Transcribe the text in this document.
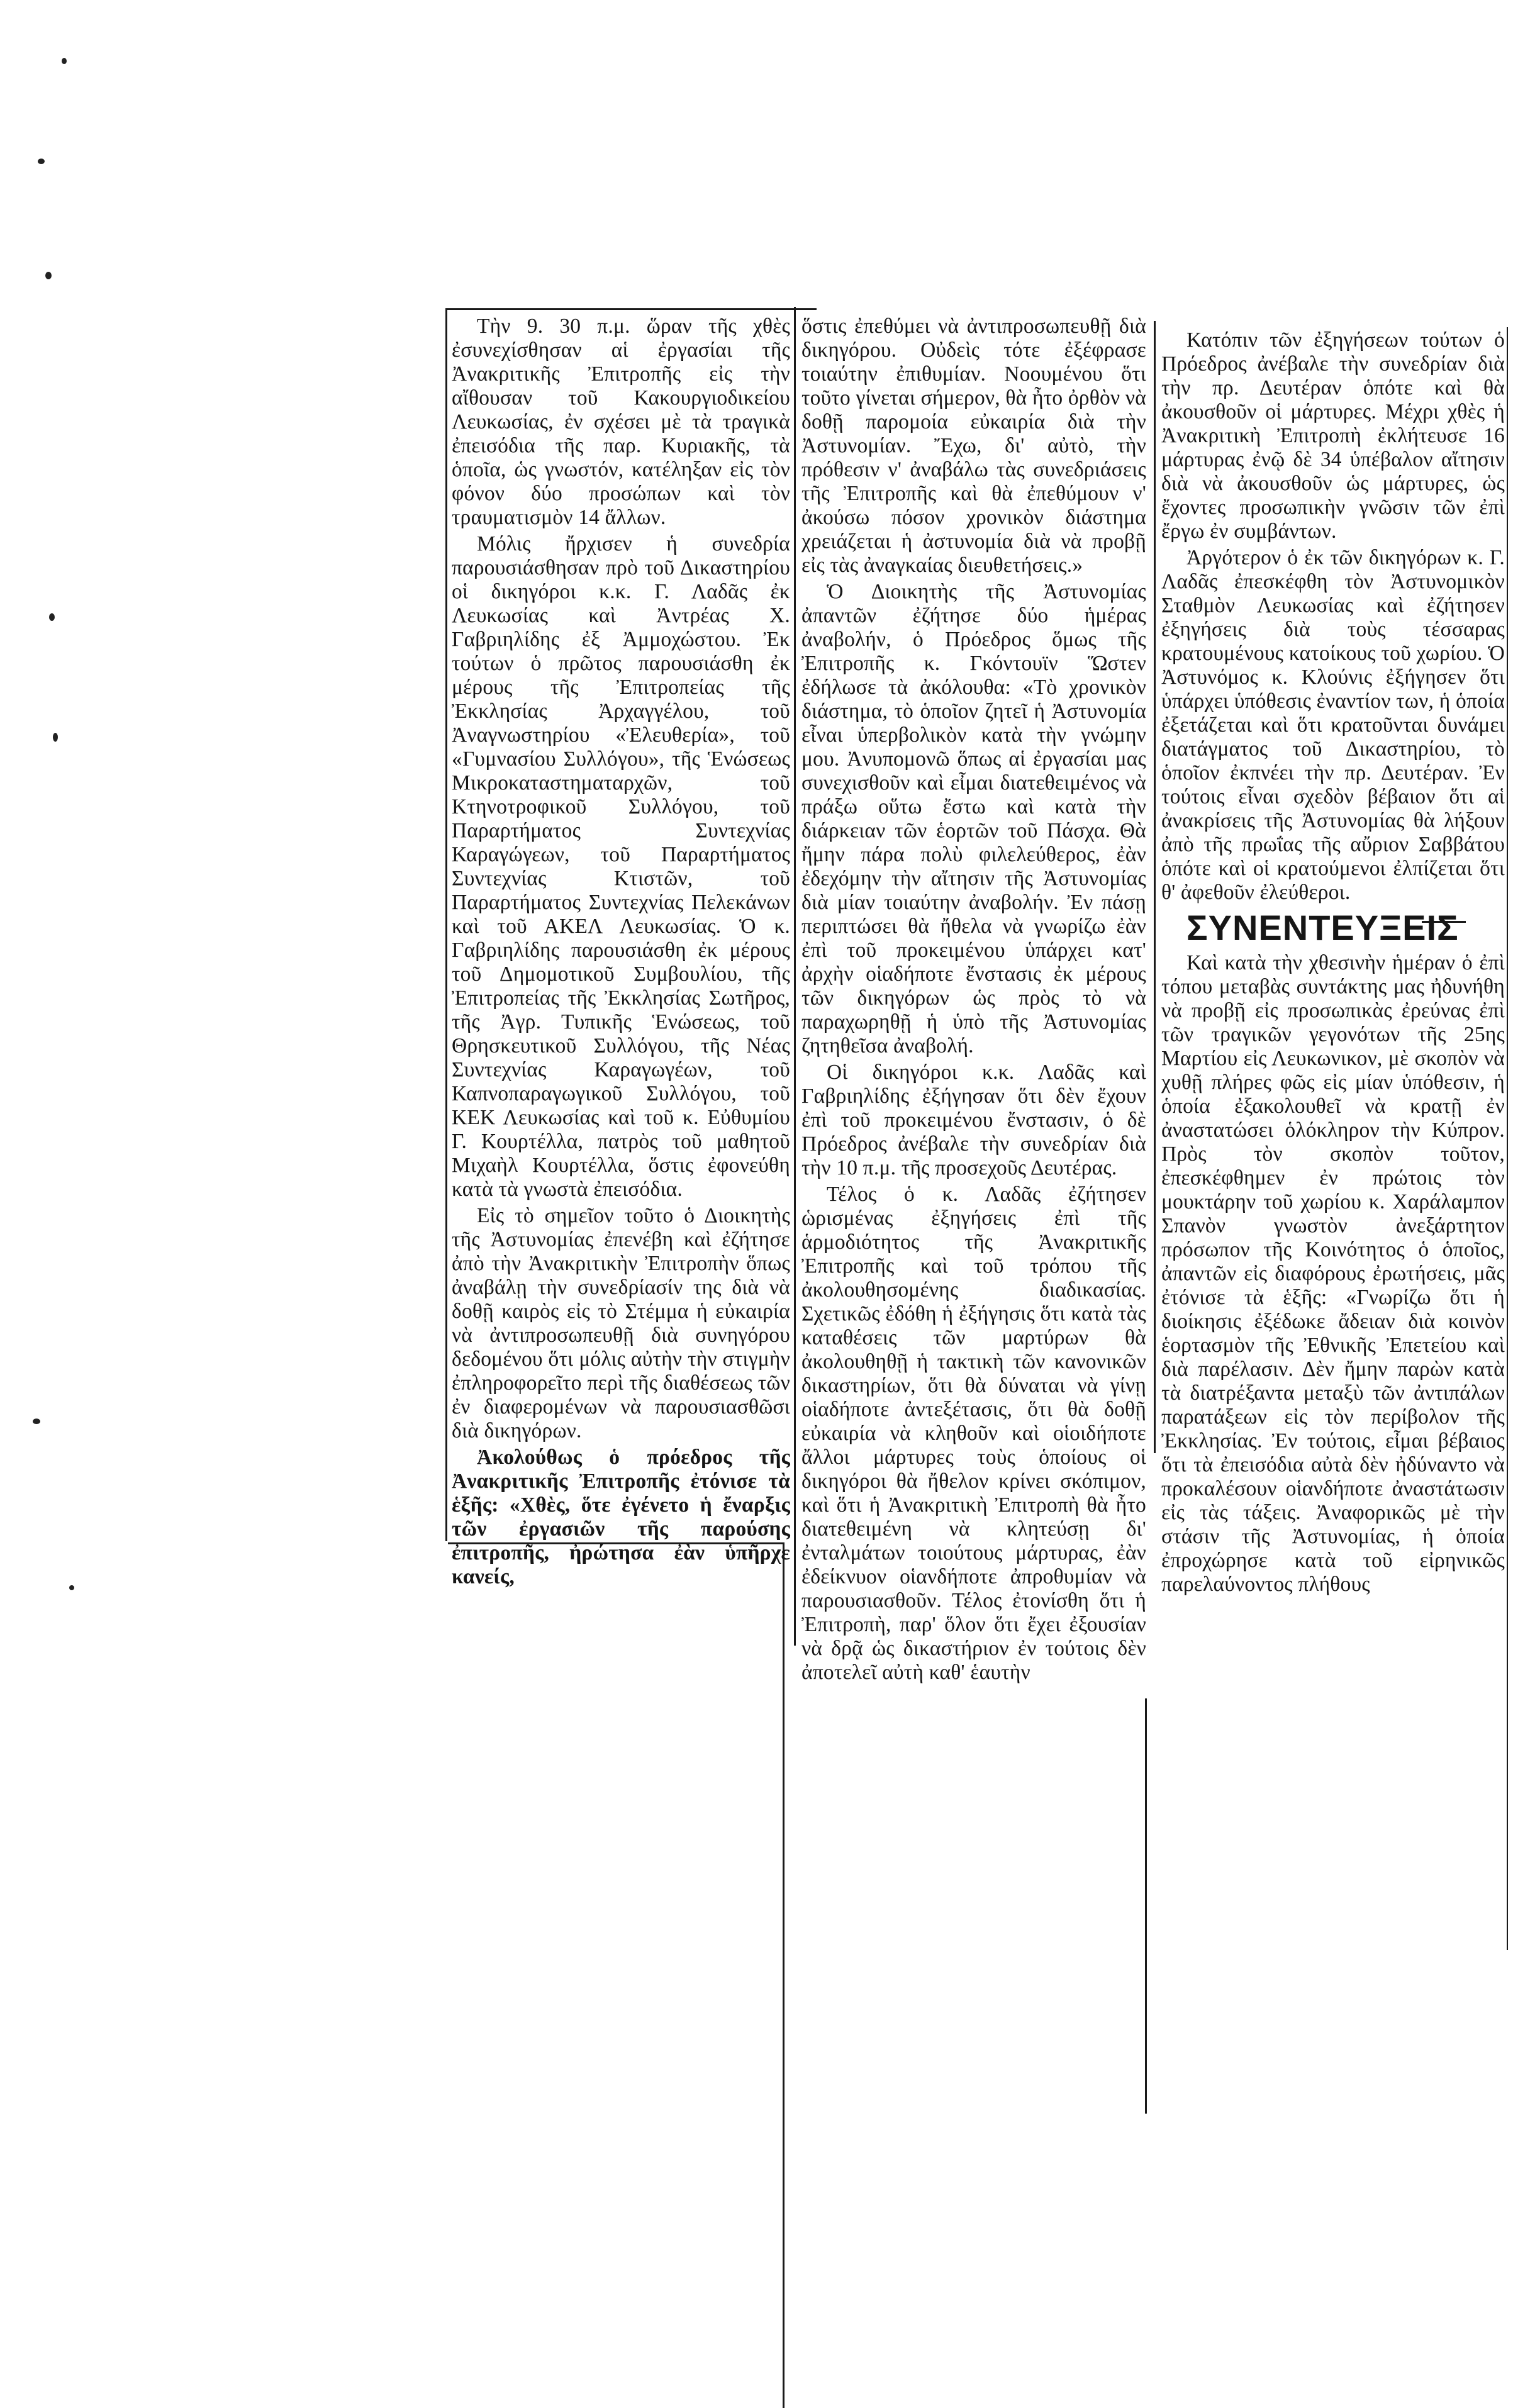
Τὴν 9. 30 π.μ. ὥραν τῆς χθὲς ἐσυνεχίσθησαν αἱ ἐργασίαι τῆς Ἀνακριτικῆς Ἐπιτροπῆς εἰς τὴν αἴθουσαν τοῦ Κακουργιοδικείου Λευκωσίας, ἐν σχέσει μὲ τὰ τραγικὰ ἐπεισόδια τῆς παρ. Κυριακῆς, τὰ ὁποῖα, ὡς γνωστόν, κατέληξαν εἰς τὸν φόνον δύο προσώπων καὶ τὸν τραυματισμὸν 14 ἄλλων.

Μόλις ἤρχισεν ἡ συνεδρία παρουσιάσθησαν πρὸ τοῦ Δικαστηρίου οἱ δικηγόροι κ.κ. Γ. Λαδᾶς ἐκ Λευκωσίας καὶ Ἀντρέας Χ. Γαβριηλίδης ἐξ Ἀμμοχώστου. Ἐκ τούτων ὁ πρῶτος παρουσιάσθη ἐκ μέρους τῆς Ἐπιτροπείας τῆς Ἐκκλησίας Ἀρχαγγέλου, τοῦ Ἀναγνωστηρίου «Ἐλευθερία», τοῦ «Γυμνασίου Συλλόγου», τῆς Ἑνώσεως Μικροκαταστηματαρχῶν, τοῦ Κτηνοτροφικοῦ Συλλόγου, τοῦ Παραρτήματος Συντεχνίας Καραγώγεων, τοῦ Παραρτήματος Συντεχνίας Κτιστῶν, τοῦ Παραρτήματος Συντεχνίας Πελεκάνων καὶ τοῦ ΑΚΕΛ Λευκωσίας. Ὁ κ. Γαβριηλίδης παρουσιάσθη ἐκ μέρους τοῦ Δημομοτικοῦ Συμβουλίου, τῆς Ἐπιτροπείας τῆς Ἐκκλησίας Σωτῆρος, τῆς Ἀγρ. Τυπικῆς Ἑνώσεως, τοῦ Θρησκευτικοῦ Συλλόγου, τῆς Νέας Συντεχνίας Καραγωγέων, τοῦ Καπνοπαραγωγικοῦ Συλλόγου, τοῦ ΚΕΚ Λευκωσίας καὶ τοῦ κ. Εὐθυμίου Γ. Κουρτέλλα, πατρὸς τοῦ μαθητοῦ Μιχαὴλ Κουρτέλλα, ὅστις ἐφονεύθη κατὰ τὰ γνωστὰ ἐπεισόδια.

Εἰς τὸ σημεῖον τοῦτο ὁ Διοικητὴς τῆς Ἀστυνομίας ἐπενέβη καὶ ἐζήτησε ἀπὸ τὴν Ἀνακριτικὴν Ἐπιτροπὴν ὅπως ἀναβάλῃ τὴν συνεδρίασίν της διὰ νὰ δοθῇ καιρὸς εἰς τὸ Στέμμα ἡ εὐκαιρία νὰ ἀντιπροσωπευθῇ διὰ συνηγόρου δεδομένου ὅτι μόλις αὐτὴν τὴν στιγμὴν ἐπληροφορεῖτο περὶ τῆς διαθέσεως τῶν ἐν διαφερομένων νὰ παρουσιασθῶσι διὰ δικηγόρων.

Ἀκολούθως ὁ πρόεδρος τῆς Ἀνακριτικῆς Ἐπιτροπῆς ἐτόνισε τὰ ἑξῆς: «Χθὲς, ὅτε ἐγένετο ἡ ἔναρξις τῶν ἐργασιῶν τῆς παρούσης ἐπιτροπῆς, ἠρώτησα ἐὰν ὑπῆρχε κανείς,

ὅστις ἐπεθύμει νὰ ἀντιπροσωπευθῇ διὰ δικηγόρου. Οὐδεὶς τότε ἐξέφρασε τοιαύτην ἐπιθυμίαν. Νοουμένου ὅτι τοῦτο γίνεται σήμερον, θὰ ἦτο ὀρθὸν νὰ δοθῇ παρομοία εὐκαιρία διὰ τὴν Ἀστυνομίαν. Ἔχω, δι' αὐτὸ, τὴν πρόθεσιν ν' ἀναβάλω τὰς συνεδριάσεις τῆς Ἐπιτροπῆς καὶ θὰ ἐπεθύμουν ν' ἀκούσω πόσον χρονικὸν διάστημα χρειάζεται ἡ ἀστυνομία διὰ νὰ προβῇ εἰς τὰς ἀναγκαίας διευθετήσεις.»

Ὁ Διοικητὴς τῆς Ἀστυνομίας ἀπαντῶν ἐζήτησε δύο ἡμέρας ἀναβολήν, ὁ Πρόεδρος ὅμως τῆς Ἐπιτροπῆς κ. Γκόντουϊν Ὥστεν ἐδήλωσε τὰ ἀκόλουθα: «Τὸ χρονικὸν διάστημα, τὸ ὁποῖον ζητεῖ ἡ Ἀστυνομία εἶναι ὑπερβολικὸν κατὰ τὴν γνώμην μου. Ἀνυπομονῶ ὅπως αἱ ἐργασίαι μας συνεχισθοῦν καὶ εἶμαι διατεθειμένος νὰ πράξω οὕτω ἔστω καὶ κατὰ τὴν διάρκειαν τῶν ἑορτῶν τοῦ Πάσχα. Θὰ ἤμην πάρα πολὺ φιλελεύθερος, ἐὰν ἐδεχόμην τὴν αἴτησιν τῆς Ἀστυνομίας διὰ μίαν τοιαύτην ἀναβολήν. Ἐν πάσῃ περιπτώσει θὰ ἤθελα νὰ γνωρίζω ἐὰν ἐπὶ τοῦ προκειμένου ὑπάρχει κατ' ἀρχὴν οἱαδήποτε ἔνστασις ἐκ μέρους τῶν δικηγόρων ὡς πρὸς τὸ νὰ παραχωρηθῇ ἡ ὑπὸ τῆς Ἀστυνομίας ζητηθεῖσα ἀναβολή.

Οἱ δικηγόροι κ.κ. Λαδᾶς καὶ Γαβριηλίδης ἐξήγησαν ὅτι δὲν ἔχουν ἐπὶ τοῦ προκειμένου ἔνστασιν, ὁ δὲ Πρόεδρος ἀνέβαλε τὴν συνεδρίαν διὰ τὴν 10 π.μ. τῆς προσεχοῦς Δευτέρας.

Τέλος ὁ κ. Λαδᾶς ἐζήτησεν ὡρισμένας ἐξηγήσεις ἐπὶ τῆς ἁρμοδιότητος τῆς Ἀνακριτικῆς Ἐπιτροπῆς καὶ τοῦ τρόπου τῆς ἀκολουθησομένης διαδικασίας. Σχετικῶς ἐδόθη ἡ ἐξήγησις ὅτι κατὰ τὰς καταθέσεις τῶν μαρτύρων θὰ ἀκολουθηθῇ ἡ τακτικὴ τῶν κανονικῶν δικαστηρίων, ὅτι θὰ δύναται νὰ γίνῃ οἱαδήποτε ἀντεξέτασις, ὅτι θὰ δοθῇ εὐκαιρία νὰ κληθοῦν καὶ οἱοιδήποτε ἄλλοι μάρτυρες τοὺς ὁποίους οἱ δικηγόροι θὰ ἤθελον κρίνει σκόπιμον, καὶ ὅτι ἡ Ἀνακριτικὴ Ἐπιτροπὴ θὰ ἦτο διατεθειμένη νὰ κλητεύσῃ δι' ἐνταλμάτων τοιούτους μάρτυρας, ἐὰν ἐδείκνυον οἱανδήποτε ἀπροθυμίαν νὰ παρουσιασθοῦν. Τέλος ἐτονίσθη ὅτι ἡ Ἐπιτροπὴ, παρ' ὅλον ὅτι ἔχει ἐξουσίαν νὰ δρᾷ ὡς δικαστήριον ἐν τούτοις δὲν ἀποτελεῖ αὐτὴ καθ' ἑαυτὴν

Κατόπιν τῶν ἐξηγήσεων τούτων ὁ Πρόεδρος ἀνέβαλε τὴν συνεδρίαν διὰ τὴν πρ. Δευτέραν ὁπότε καὶ θὰ ἀκουσθοῦν οἱ μάρτυρες. Μέχρι χθὲς ἡ Ἀνακριτικὴ Ἐπιτροπὴ ἐκλήτευσε 16 μάρτυρας ἐνῷ δὲ 34 ὑπέβαλον αἴτησιν διὰ νὰ ἀκουσθοῦν ὡς μάρτυρες, ὡς ἔχοντες προσωπικὴν γνῶσιν τῶν ἐπὶ ἔργω ἐν συμβάντων.

Ἀργότερον ὁ ἐκ τῶν δικηγόρων κ. Γ. Λαδᾶς ἐπεσκέφθη τὸν Ἀστυνομικὸν Σταθμὸν Λευκωσίας καὶ ἐζήτησεν ἐξηγήσεις διὰ τοὺς τέσσαρας κρατουμένους κατοίκους τοῦ χωρίου. Ὁ Ἀστυνόμος κ. Κλούνις ἐξήγησεν ὅτι ὑπάρχει ὑπόθεσις ἐναντίον των, ἡ ὁποία ἐξετάζεται καὶ ὅτι κρατοῦνται δυνάμει διατάγματος τοῦ Δικαστηρίου, τὸ ὁποῖον ἐκπνέει τὴν πρ. Δευτέραν. Ἐν τούτοις εἶναι σχεδὸν βέβαιον ὅτι αἱ ἀνακρίσεις τῆς Ἀστυνομίας θὰ λήξουν ἀπὸ τῆς πρωΐας τῆς αὔριον Σαββάτου ὁπότε καὶ οἱ κρατούμενοι ἐλπίζεται ὅτι θ' ἀφεθοῦν ἐλεύθεροι.

ΣΥΝΕΝΤΕΥΞΕΙΣ

Καὶ κατὰ τὴν χθεσινὴν ἡμέραν ὁ ἐπὶ τόπου μεταβὰς συντάκτης μας ἠδυνήθη νὰ προβῇ εἰς προσωπικὰς ἐρεύνας ἐπὶ τῶν τραγικῶν γεγονότων τῆς 25ης Μαρτίου εἰς Λευκωνικον, μὲ σκοπὸν νὰ χυθῇ πλήρες φῶς εἰς μίαν ὑπόθεσιν, ἡ ὁποία ἐξακολουθεῖ νὰ κρατῇ ἐν ἀναστατώσει ὁλόκληρον τὴν Κύπρον. Πρὸς τὸν σκοπὸν τοῦτον, ἐπεσκέφθημεν ἐν πρώτοις τὸν μουκτάρην τοῦ χωρίου κ. Χαράλαμπον Σπανὸν γνωστὸν ἀνεξάρτητον πρόσωπον τῆς Κοινότητος ὁ ὁποῖος, ἀπαντῶν εἰς διαφόρους ἐρωτήσεις, μᾶς ἐτόνισε τὰ ἑξῆς: «Γνωρίζω ὅτι ἡ διοίκησις ἐξέδωκε ἄδειαν διὰ κοινὸν ἑορτασμὸν τῆς Ἐθνικῆς Ἐπετείου καὶ διὰ παρέλασιν. Δὲν ἤμην παρὼν κατὰ τὰ διατρέξαντα μεταξὺ τῶν ἀντιπάλων παρατάξεων εἰς τὸν περίβολον τῆς Ἐκκλησίας. Ἐν τούτοις, εἶμαι βέβαιος ὅτι τὰ ἐπεισόδια αὐτὰ δὲν ἠδύναντο νὰ προκαλέσουν οἱανδήποτε ἀναστάτωσιν εἰς τὰς τάξεις. Ἀναφορικῶς μὲ τὴν στάσιν τῆς Ἀστυνομίας, ἡ ὁποία ἐπροχώρησε κατὰ τοῦ εἰρηνικῶς παρελαύνοντος πλήθους
